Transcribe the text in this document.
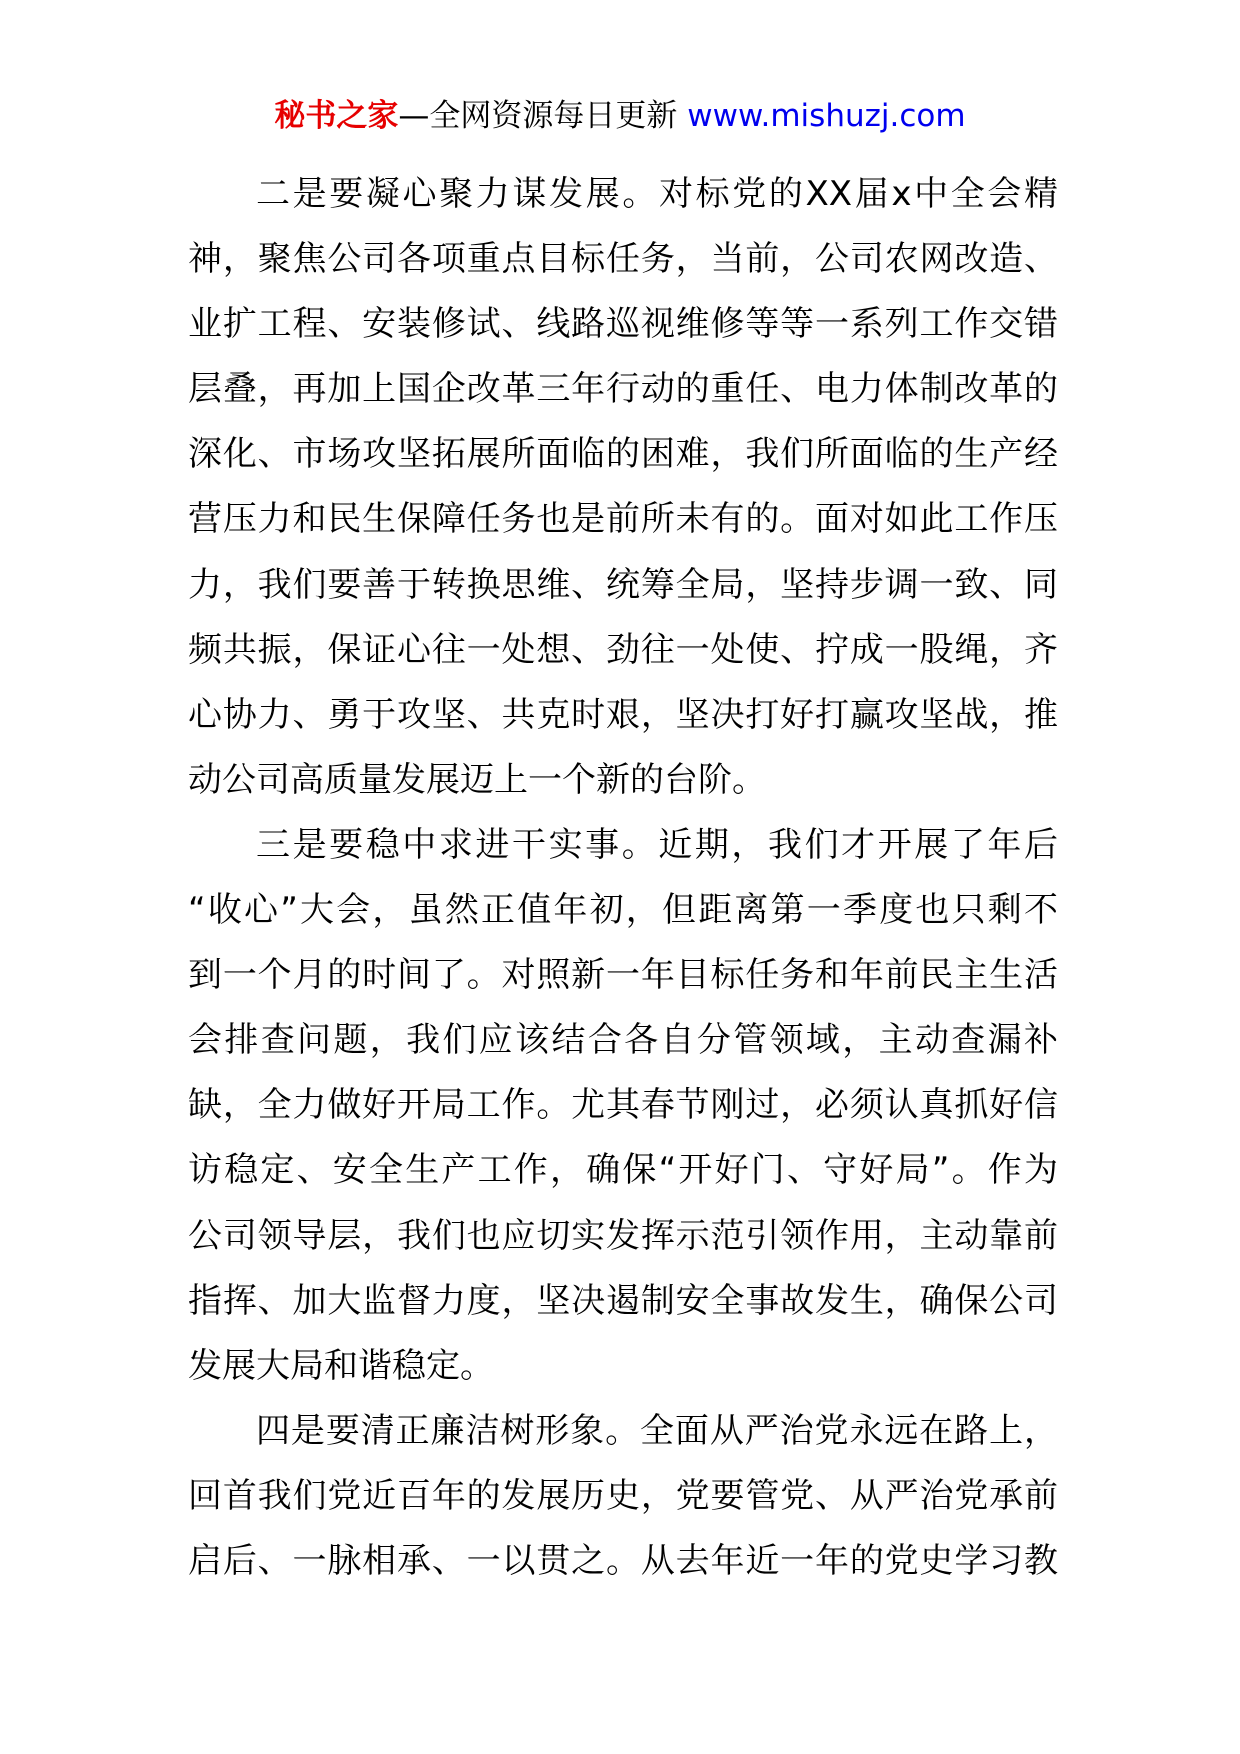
秘书之家—全网资源每日更新 www.mishuzj.com
二是要凝心聚力谋发展。对标党的XX届x中全会精
神，聚焦公司各项重点目标任务，当前，公司农网改造、
业扩工程、安装修试、线路巡视维修等等一系列工作交错
层叠，再加上国企改革三年行动的重任、电力体制改革的
深化、市场攻坚拓展所面临的困难，我们所面临的生产经
营压力和民生保障任务也是前所未有的。面对如此工作压
力，我们要善于转换思维、统筹全局，坚持步调一致、同
频共振，保证心往一处想、劲往一处使、拧成一股绳，齐
心协力、勇于攻坚、共克时艰，坚决打好打赢攻坚战，推
动公司高质量发展迈上一个新的台阶。
三是要稳中求进干实事。近期，我们才开展了年后
“收心”大会，虽然正值年初，但距离第一季度也只剩不
到一个月的时间了。对照新一年目标任务和年前民主生活
会排查问题，我们应该结合各自分管领域，主动查漏补
缺，全力做好开局工作。尤其春节刚过，必须认真抓好信
访稳定、安全生产工作，确保“开好门、守好局”。作为
公司领导层，我们也应切实发挥示范引领作用，主动靠前
指挥、加大监督力度，坚决遏制安全事故发生，确保公司
发展大局和谐稳定。
四是要清正廉洁树形象。全面从严治党永远在路上，
回首我们党近百年的发展历史，党要管党、从严治党承前
启后、一脉相承、一以贯之。从去年近一年的党史学习教
